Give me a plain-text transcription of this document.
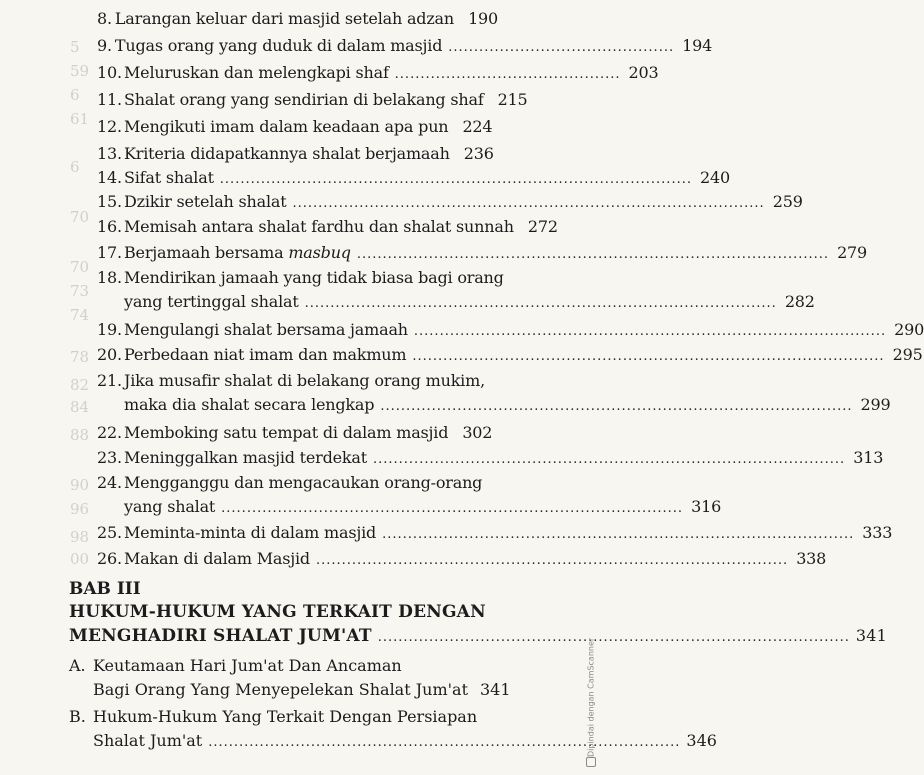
5
59
6
61
6
70
70
73
74
78
82
84
88
90
96
98
00
8. Larangan keluar dari masjid setelah adzan 190
9. Tugas orang yang duduk di dalam masjid ............................................ 194
10. Meluruskan dan melengkapi shaf ............................................ 203
11. Shalat orang yang sendirian di belakang shaf 215
12. Mengikuti imam dalam keadaan apa pun 224
13. Kriteria didapatkannya shalat berjamaah 236
14. Sifat shalat ............................................................................................ 240
15. Dzikir setelah shalat ............................................................................................ 259
16. Memisah antara shalat fardhu dan shalat sunnah 272
17. Berjamaah bersama
masbuq ............................................................................................ 279
18. Mendirikan jamaah yang tidak biasa bagi orang
yang tertinggal shalat ............................................................................................ 282
19. Mengulangi shalat bersama jamaah ............................................................................................ 290
20. Perbedaan niat imam dan makmum ............................................................................................ 295
21. Jika musafir shalat di belakang orang mukim,
maka dia shalat secara lengkap ............................................................................................ 299
22. Memboking satu tempat di dalam masjid 302
23. Meninggalkan masjid terdekat ............................................................................................ 313
24. Mengganggu dan mengacaukan orang-orang
yang shalat .......................................................................................... 316
25. Meminta-minta di dalam masjid ............................................................................................ 333
26. Makan di dalam Masjid ............................................................................................ 338
BAB III
HUKUM-HUKUM YANG TERKAIT DENGAN
MENGHADIRI SHALAT JUM'AT ............................................................................................ 341
A. Keutamaan Hari Jum'at Dan Ancaman
Bagi Orang Yang Menyepelekan Shalat Jum'at 341
B. Hukum-Hukum Yang Terkait Dengan Persiapan
Shalat Jum'at ............................................................................................ 346
Dipindai dengan CamScanner
